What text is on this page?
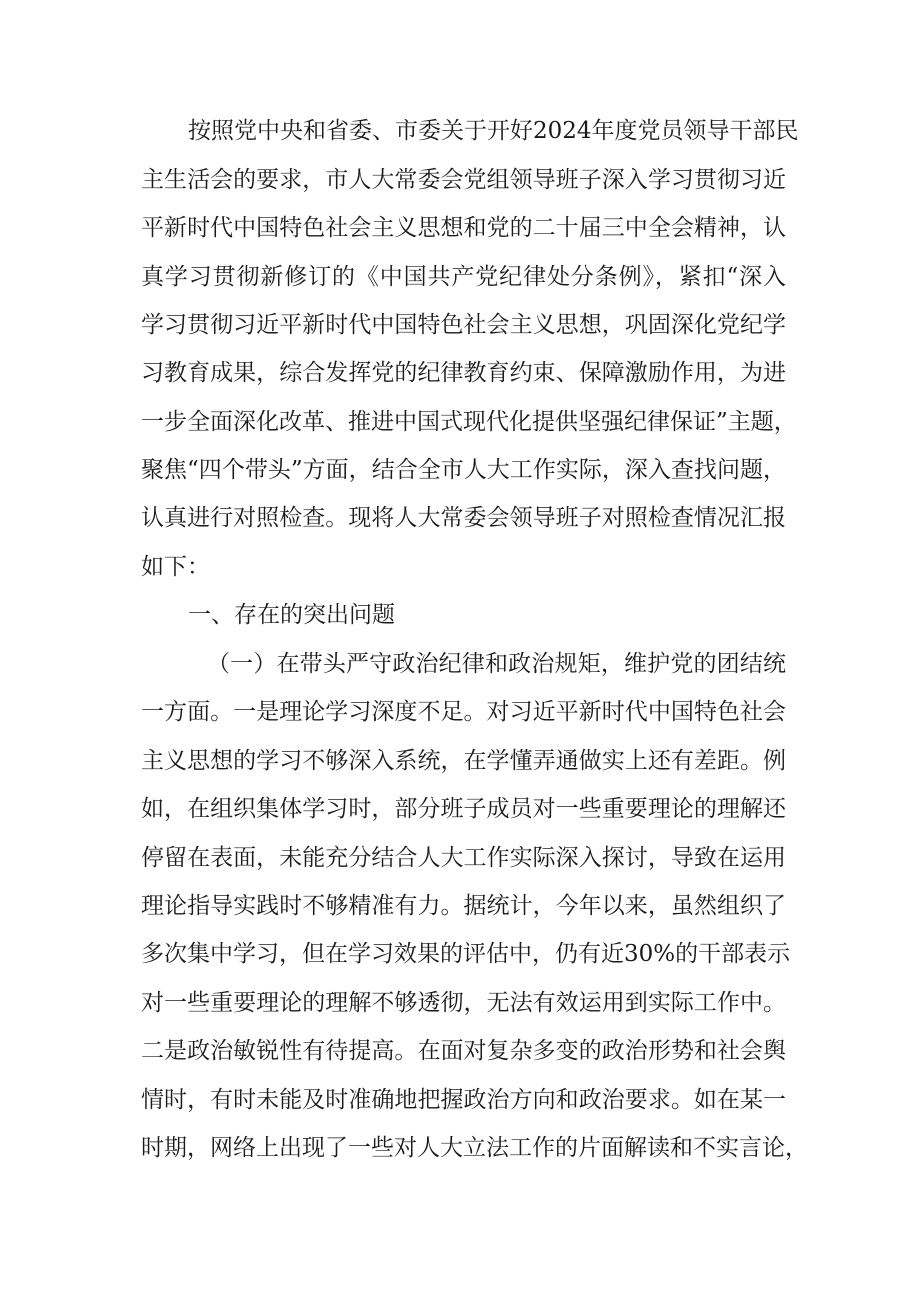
按照党中央和省委、市委关于开好2024年度党员领导干部民
主生活会的要求，市人大常委会党组领导班子深入学习贯彻习近
平新时代中国特色社会主义思想和党的二十届三中全会精神，认
真学习贯彻新修订的《中国共产党纪律处分条例》，紧扣“深入
学习贯彻习近平新时代中国特色社会主义思想，巩固深化党纪学
习教育成果，综合发挥党的纪律教育约束、保障激励作用，为进
一步全面深化改革、推进中国式现代化提供坚强纪律保证”主题，
聚焦“四个带头”方面，结合全市人大工作实际，深入查找问题，
认真进行对照检查。现将人大常委会领导班子对照检查情况汇报
如下：
一、存在的突出问题
（一）在带头严守政治纪律和政治规矩，维护党的团结统
一方面。一是理论学习深度不足。对习近平新时代中国特色社会
主义思想的学习不够深入系统，在学懂弄通做实上还有差距。例
如，在组织集体学习时，部分班子成员对一些重要理论的理解还
停留在表面，未能充分结合人大工作实际深入探讨，导致在运用
理论指导实践时不够精准有力。据统计，今年以来，虽然组织了
多次集中学习，但在学习效果的评估中，仍有近30%的干部表示
对一些重要理论的理解不够透彻，无法有效运用到实际工作中。
二是政治敏锐性有待提高。在面对复杂多变的政治形势和社会舆
情时，有时未能及时准确地把握政治方向和政治要求。如在某一
时期，网络上出现了一些对人大立法工作的片面解读和不实言论，
